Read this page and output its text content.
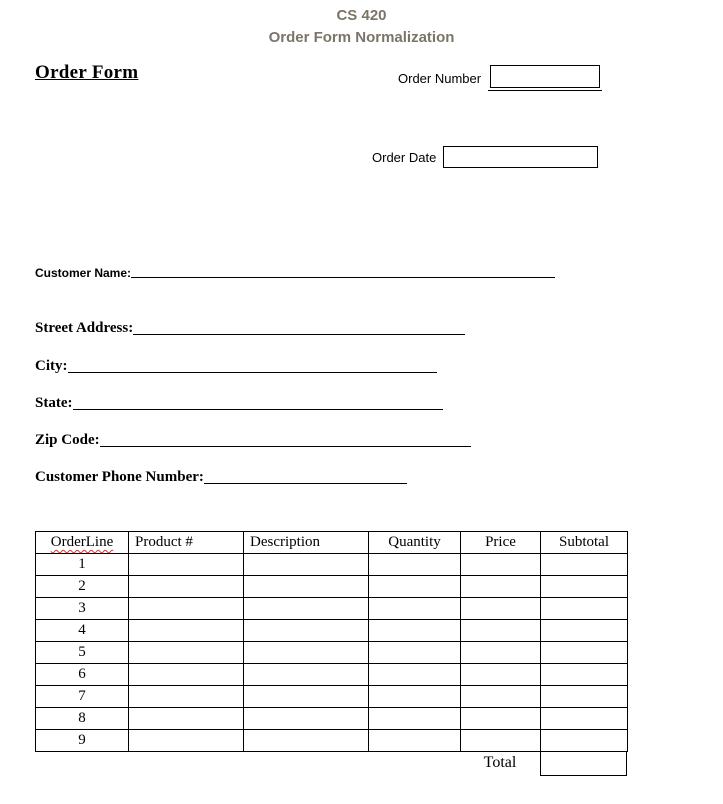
CS 420
Order Form Normalization
Order Form	Order Number
Order Date
Customer Name:
Street Address:
City:
State:
Zip Code:
Customer Phone Number:
OrderLine	Product #	Description	Quantity	Price	Subtotal
1					
2					
3					
4					
5					
6					
7					
8					
9					
Total
